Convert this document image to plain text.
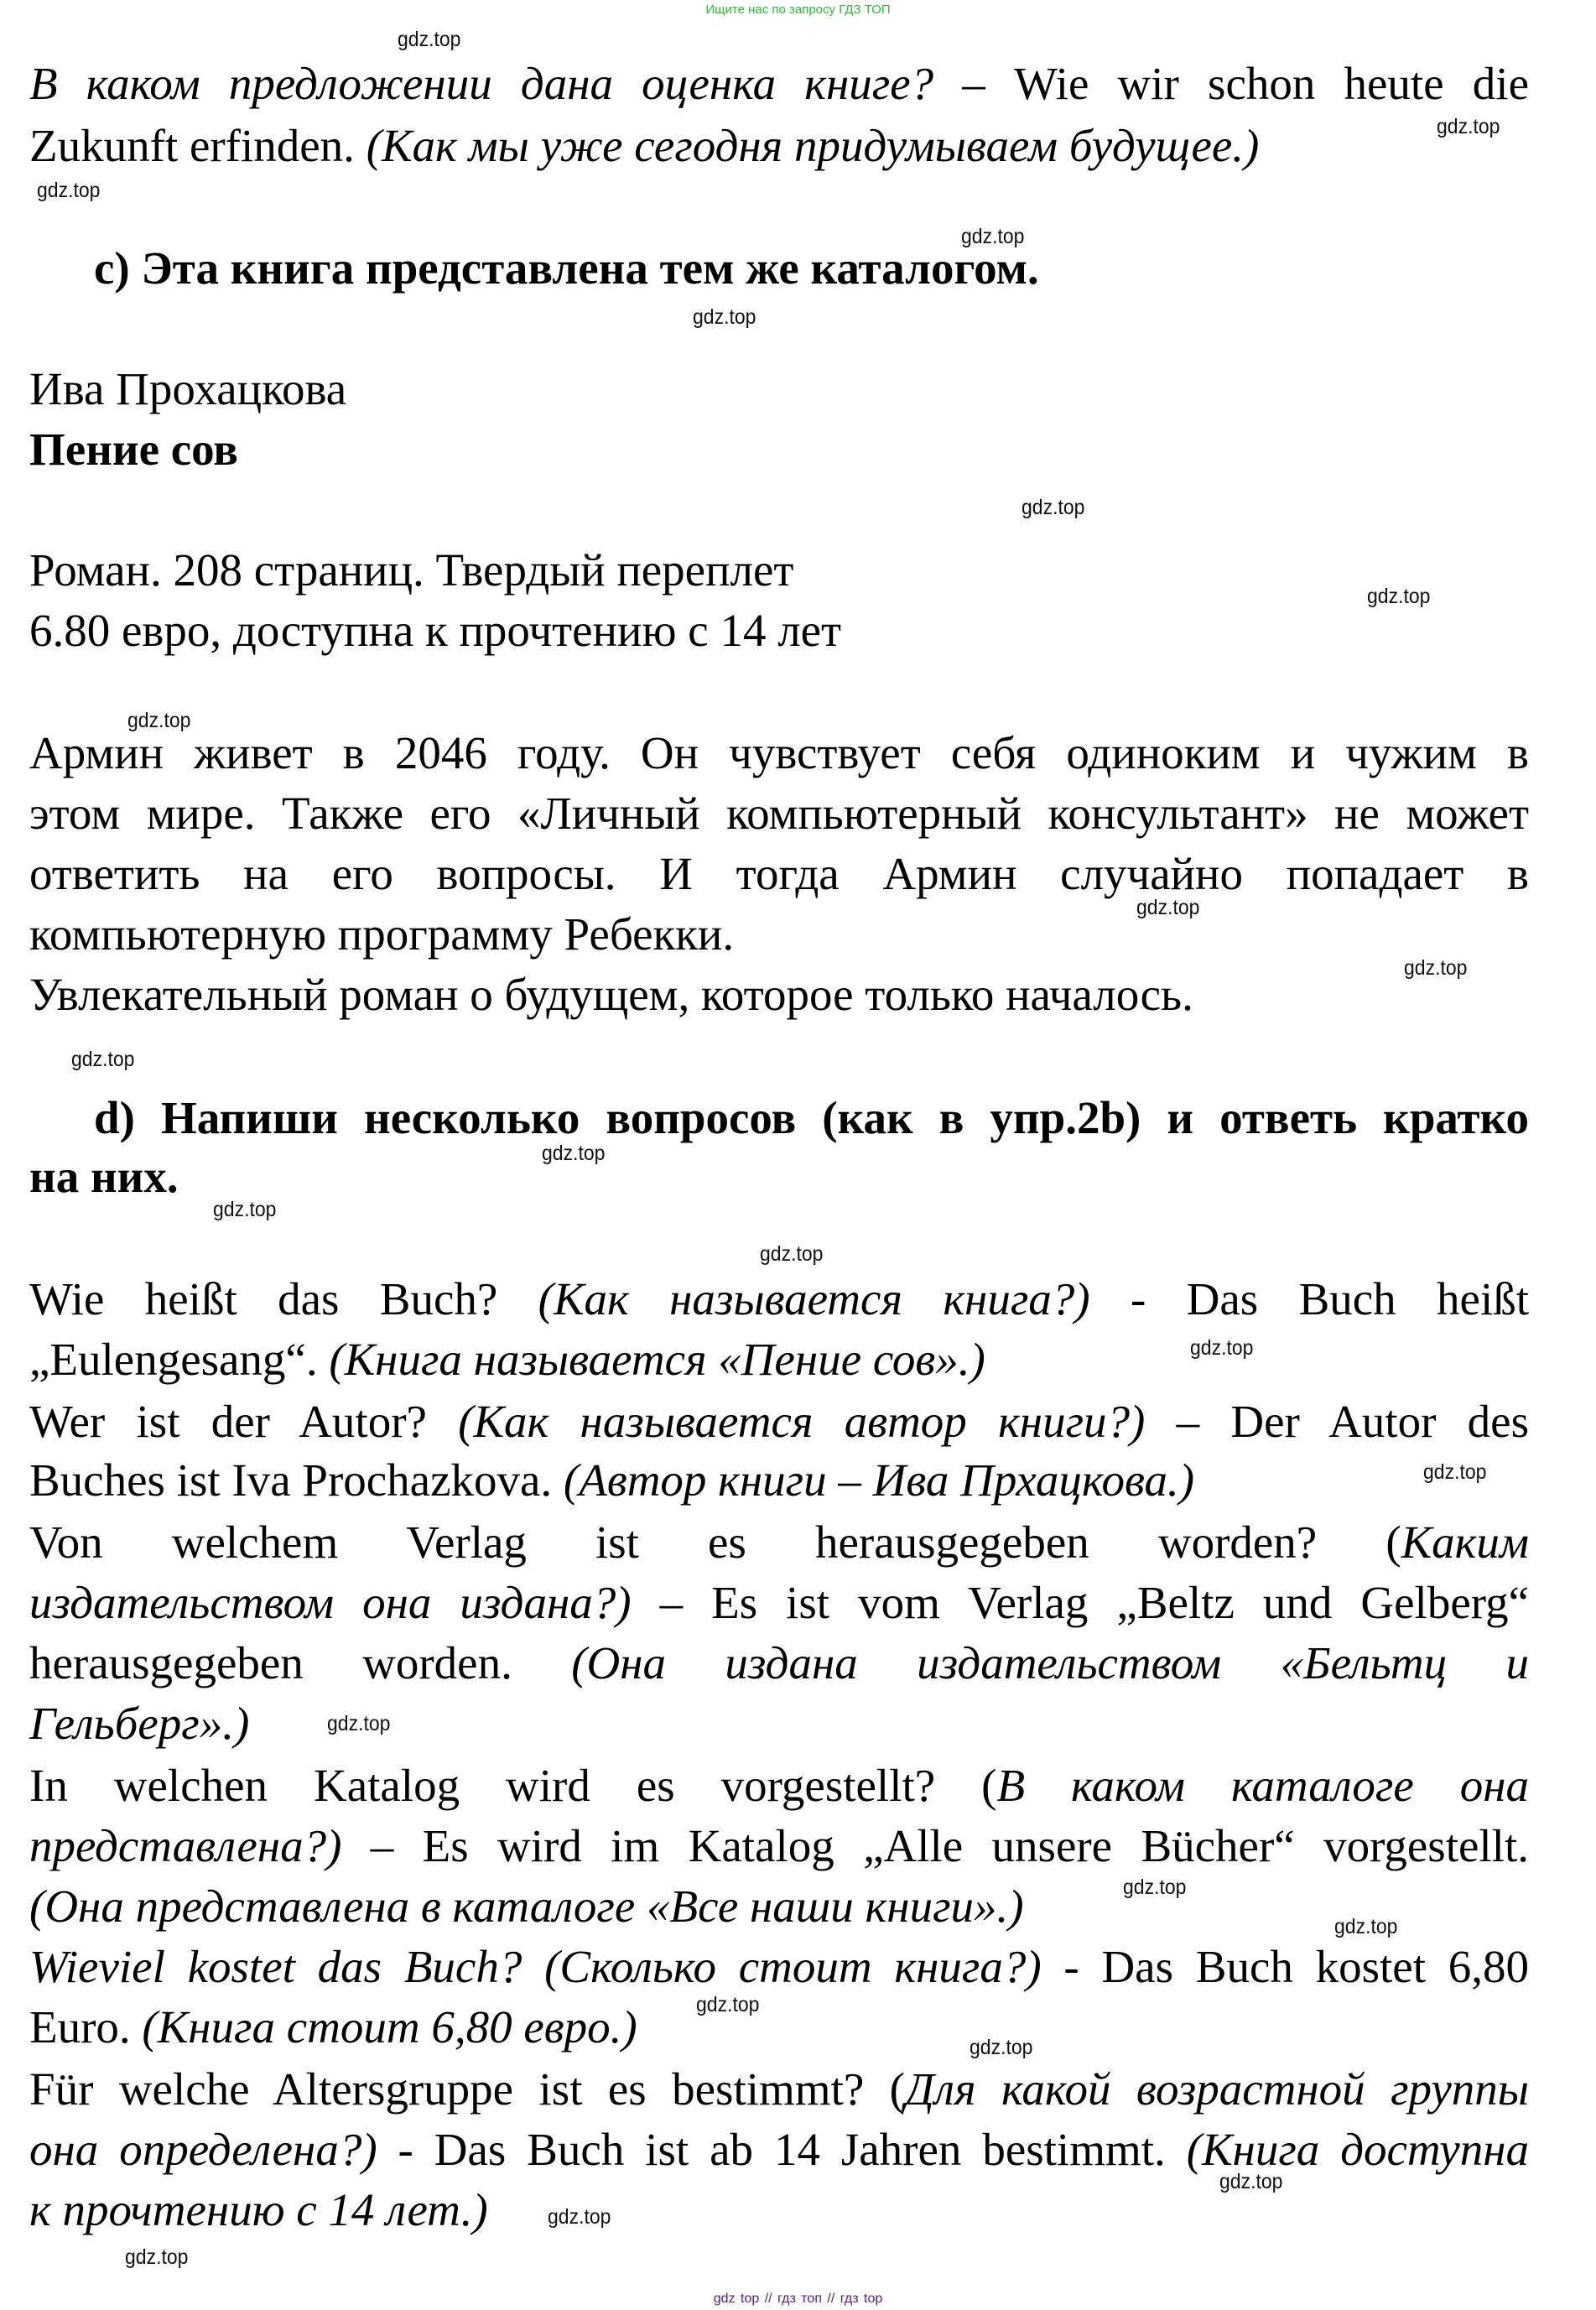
Ищите нас по запросу ГДЗ ТОП
В каком предложении дана оценка книге? – Wie wir schon heute die
Zukunft erfinden. (Как мы уже сегодня придумываем будущее.)
c) Эта книга представлена тем же каталогом.
Ива Прохацкова
Пение сов
Роман. 208 страниц. Твердый переплет
6.80 евро, доступна к прочтению с 14 лет
Армин живет в 2046 году. Он чувствует себя одиноким и чужим в
этом мире. Также его «Личный компьютерный консультант» не может
ответить на его вопросы. И тогда Армин случайно попадает в
компьютерную программу Ребекки.
Увлекательный роман о будущем, которое только началось.
d) Напиши несколько вопросов (как в упр.2b) и ответь кратко
на них.
Wie heißt das Buch? (Как называется книга?) - Das Buch heißt
„Eulengesang“. (Книга называется «Пение сов».)
Wer ist der Autor? (Как называется автор книги?) – Der Autor des
Buches ist Iva Prochazkova. (Автор книги – Ива Прхацкова.)
Von welchem Verlag ist es herausgegeben worden? (Каким
издательством она издана?) – Es ist vom Verlag „Beltz und Gelberg“
herausgegeben worden. (Она издана издательством «Бельтц и
Гельберг».)
In welchen Katalog wird es vorgestellt? (В каком каталоге она
представлена?) – Es wird im Katalog „Alle unsere Bücher“ vorgestellt.
(Она представлена в каталоге «Все наши книги».)
Wieviel kostet das Buch? (Сколько стоит книга?) - Das Buch kostet 6,80
Euro. (Книга стоит 6,80 евро.)
Für welche Altersgruppe ist es bestimmt? (Для какой возрастной группы
она определена?) - Das Buch ist ab 14 Jahren bestimmt. (Книга доступна
к прочтению с 14 лет.)
gdz.top
gdz.top
gdz.top
gdz.top
gdz.top
gdz.top
gdz.top
gdz.top
gdz.top
gdz.top
gdz.top
gdz.top
gdz.top
gdz.top
gdz.top
gdz.top
gdz.top
gdz.top
gdz.top
gdz.top
gdz.top
gdz.top
gdz.top
gdz.top
gdz top // гдз топ // гдз top
